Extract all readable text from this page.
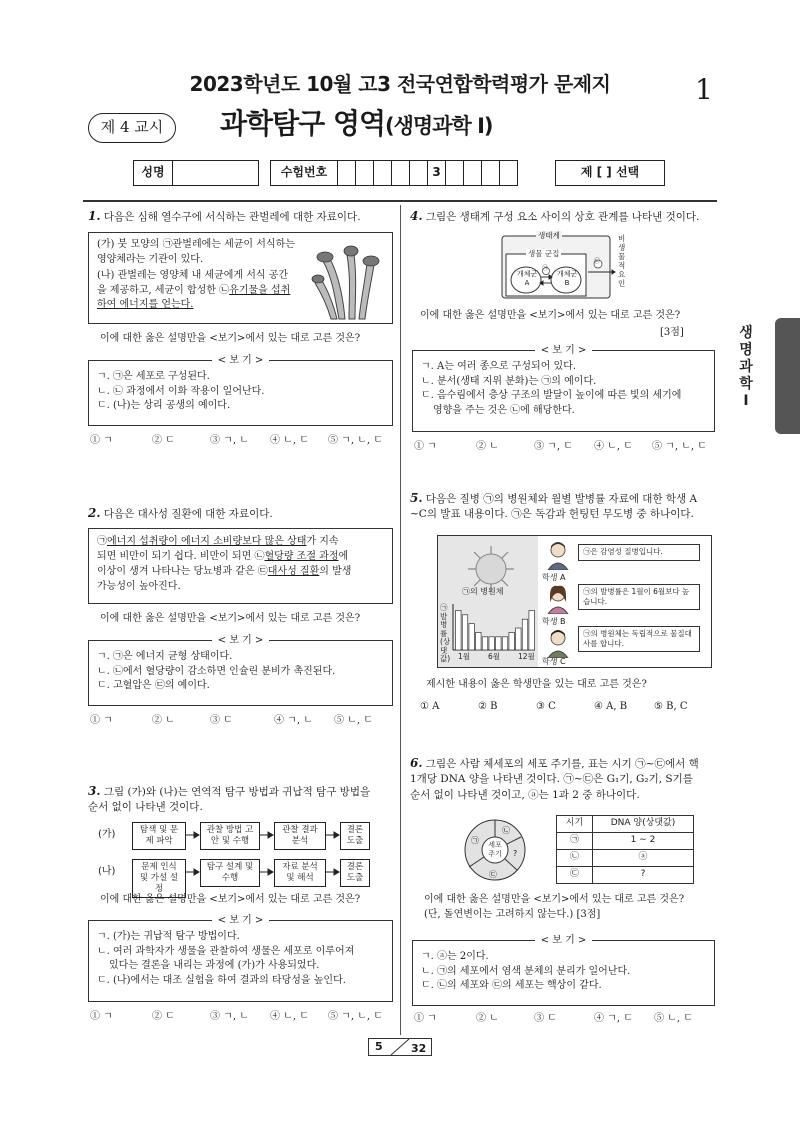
2023학년도 10월 고3 전국연합학력평가 문제지	1
제 4 교시	과학탐구 영역(생명과학 Ⅰ)
성명	수험번호	3	제 [ ] 선택
생명과학Ⅰ
1. 다음은 심해 열수구에 서식하는 관벌레에 대한 자료이다.
(가) 붓 모양의 ㉠관벌레에는 세균이 서식하는 영양체라는 기관이 있다.
(나) 관벌레는 영양체 내 세균에게 서식 공간을 제공하고, 세균이 합성한 ㉡유기물을 섭취하여 에너지를 얻는다.
이에 대한 옳은 설명만을 <보기>에서 있는 대로 고른 것은?
< 보 기 >
ㄱ. ㉠은 세포로 구성된다.
ㄴ. ㉡ 과정에서 이화 작용이 일어난다.
ㄷ. (나)는 상리 공생의 예이다.
① ㄱ	② ㄷ	③ ㄱ, ㄴ	④ ㄴ, ㄷ	⑤ ㄱ, ㄴ, ㄷ
2. 다음은 대사성 질환에 대한 자료이다.
㉠에너지 섭취량이 에너지 소비량보다 많은 상태가 지속
되면 비만이 되기 쉽다. 비만이 되면 ㉡혈당량 조절 과정에
이상이 생겨 나타나는 당뇨병과 같은 ㉢대사성 질환의 발생
가능성이 높아진다.
이에 대한 옳은 설명만을 <보기>에서 있는 대로 고른 것은?
< 보 기 >
ㄱ. ㉠은 에너지 균형 상태이다.
ㄴ. ㉡에서 혈당량이 감소하면 인슐린 분비가 촉진된다.
ㄷ. 고혈압은 ㉢의 예이다.
① ㄱ	② ㄴ	③ ㄷ	④ ㄱ, ㄴ	⑤ ㄴ, ㄷ
3. 그림 (가)와 (나)는 연역적 탐구 방법과 귀납적 탐구 방법을
순서 없이 나타낸 것이다.
(가)	탐색 및 문제 파악
관찰 방법 고안 및 수행
관찰 결과 분석
결론 도출
(나)	문제 인식 및 가설 설정
탐구 설계 및 수행
자료 분석 및 해석
결론 도출
이에 대한 옳은 설명만을 <보기>에서 있는 대로 고른 것은?
< 보 기 >
ㄱ. (가)는 귀납적 탐구 방법이다.
ㄴ. 여러 과학자가 생물을 관찰하여 생물은 세포로 이루어져
있다는 결론을 내리는 과정에 (가)가 사용되었다.
ㄷ. (나)에서는 대조 실험을 하여 결과의 타당성을 높인다.
① ㄱ	② ㄷ	③ ㄱ, ㄴ	④ ㄴ, ㄷ	⑤ ㄱ, ㄴ, ㄷ
4. 그림은 생태계 구성 요소 사이의 상호 관계를 나타낸 것이다.
생태계
생물 군집
개체군 A
개체군 B
㉠
㉡
비생물적요인
이에 대한 옳은 설명만을 <보기>에서 있는 대로 고른 것은?
[3점]
< 보 기 >
ㄱ. A는 여러 종으로 구성되어 있다.
ㄴ. 분서(생태 지위 분화)는 ㉠의 예이다.
ㄷ. 음수림에서 층상 구조의 발달이 높이에 따른 빛의 세기에
영향을 주는 것은 ㉡에 해당한다.
① ㄱ	② ㄴ	③ ㄱ, ㄷ	④ ㄴ, ㄷ	⑤ ㄱ, ㄴ, ㄷ
5. 다음은 질병 ㉠의 병원체와 월별 발병률 자료에 대한 학생 A
∼C의 발표 내용이다. ㉠은 독감과 헌팅턴 무도병 중 하나이다.
㉠의 병원체
㉠발병률(상댓값) 1월 6월 12월
학생 A
㉠은 감염성 질병입니다.
학생 B
㉠의 발병률은 1월이 6월보다 높습니다.
학생 C
㉠의 병원체는 독립적으로 물질대사를 합니다.
제시한 내용이 옳은 학생만을 있는 대로 고른 것은?
① A	② B	③ C	④ A, B	⑤ B, C
6. 그림은 사람 체세포의 세포 주기를, 표는 시기 ㉠∼㉢에서 핵
1개당 DNA 양을 나타낸 것이다. ㉠∼㉢은 G₁기, G₂기, S기를
순서 없이 나타낸 것이고, ⓐ는 1과 2 중 하나이다.
세포 주기
㉠
㉡
㉢
?
시기	DNA 양(상댓값)
㉠	1 ∼ 2
㉡	ⓐ
㉢	?
이에 대한 옳은 설명만을 <보기>에서 있는 대로 고른 것은?
(단, 돌연변이는 고려하지 않는다.) [3점]
< 보 기 >
ㄱ. ⓐ는 2이다.
ㄴ. ㉠의 세포에서 염색 분체의 분리가 일어난다.
ㄷ. ㉡의 세포와 ㉢의 세포는 핵상이 같다.
① ㄱ	② ㄴ	③ ㄷ	④ ㄱ, ㄷ	⑤ ㄴ, ㄷ
5	32
